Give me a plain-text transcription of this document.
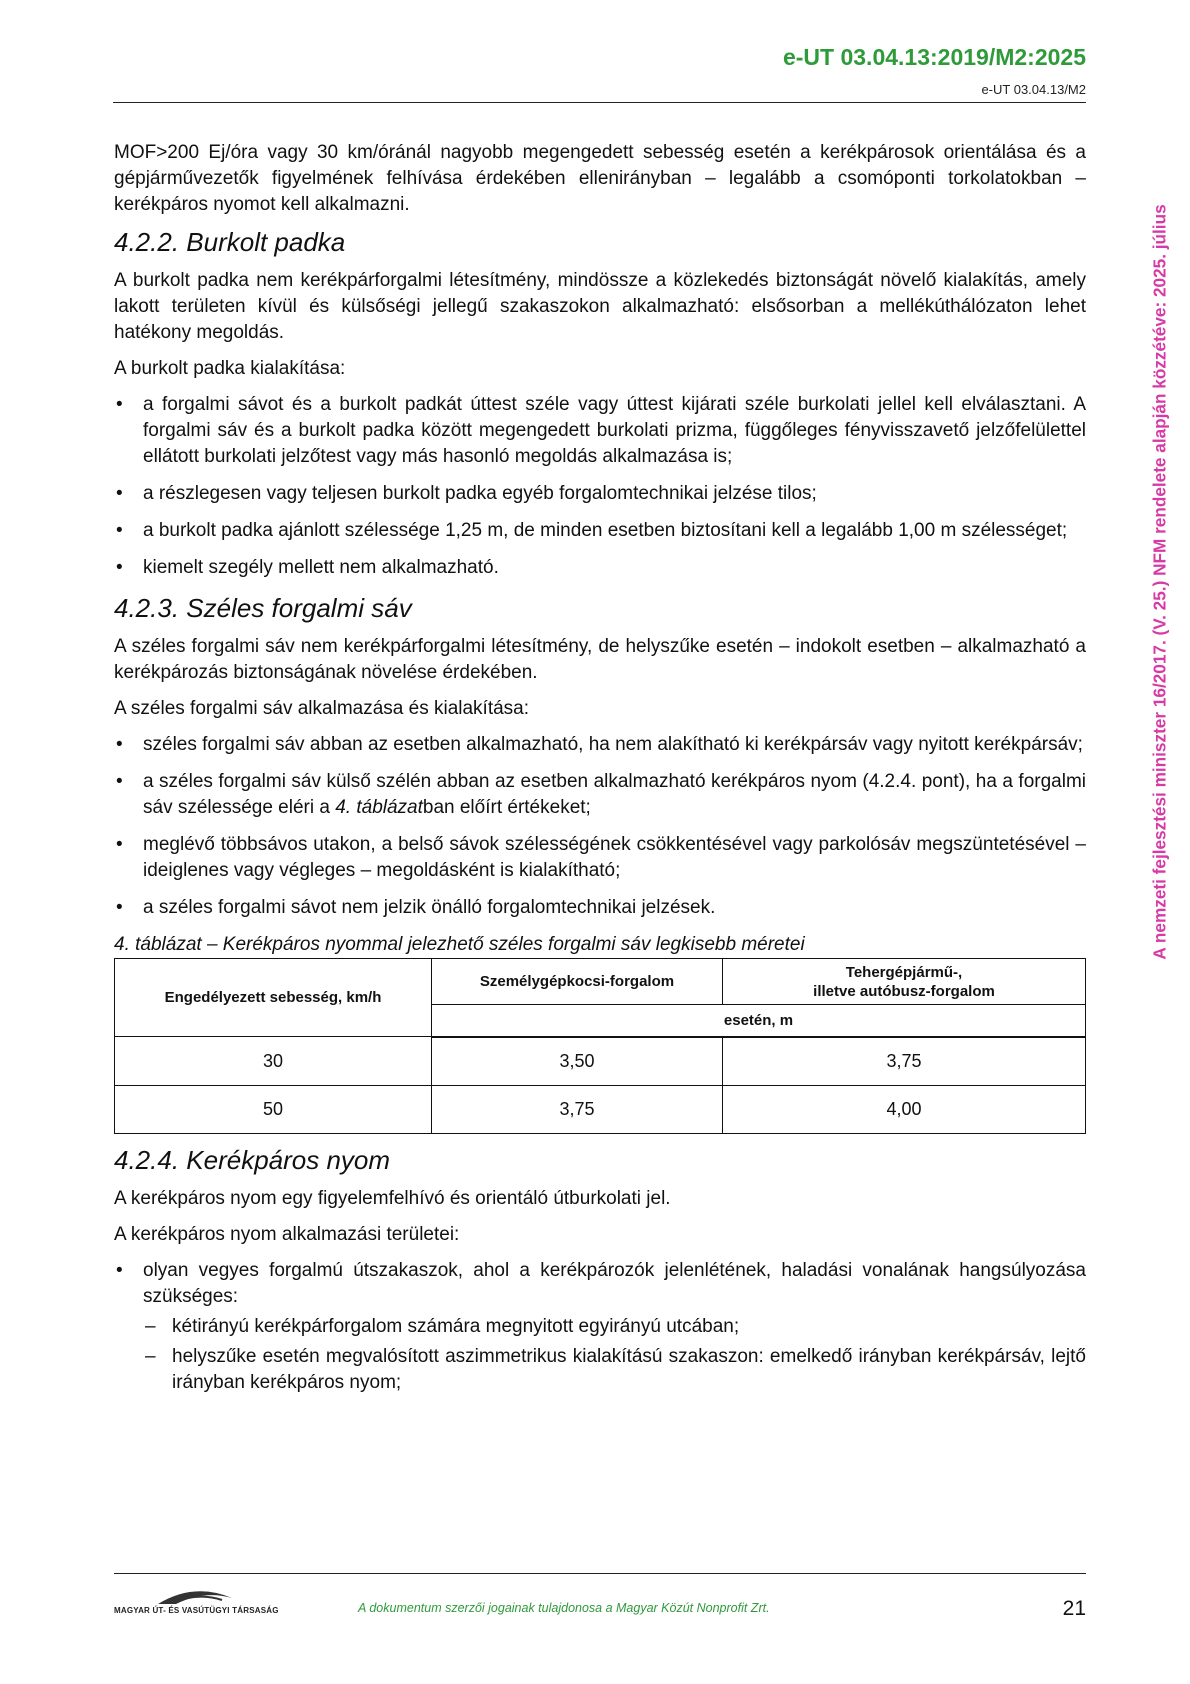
e-UT 03.04.13:2019/M2:2025
e-UT 03.04.13/M2
A nemzeti fejlesztési miniszter 16/2017. (V. 25.) NFM rendelete alapján közzétéve: 2025. július

MOF>200 Ej/óra vagy 30 km/óránál nagyobb megengedett sebesség esetén a kerékpárosok orientálása és a gépjárművezetők figyelmének felhívása érdekében ellenirányban – legalább a csomóponti torkolatokban – kerékpáros nyomot kell alkalmazni.

4.2.2. Burkolt padka

A burkolt padka nem kerékpárforgalmi létesítmény, mindössze a közlekedés biztonságát növelő kialakítás, amely lakott területen kívül és külsőségi jellegű szakaszokon alkalmazható: elsősorban a mellékúthálózaton lehet hatékony megoldás.

A burkolt padka kialakítása:

• a forgalmi sávot és a burkolt padkát úttest széle vagy úttest kijárati széle burkolati jellel kell elválasztani. A forgalmi sáv és a burkolt padka között megengedett burkolati prizma, függőleges fényvisszavető jelzőfelülettel ellátott burkolati jelzőtest vagy más hasonló megoldás alkalmazása is;
• a részlegesen vagy teljesen burkolt padka egyéb forgalomtechnikai jelzése tilos;
• a burkolt padka ajánlott szélessége 1,25 m, de minden esetben biztosítani kell a legalább 1,00 m szélességet;
• kiemelt szegély mellett nem alkalmazható.
4.2.3. Széles forgalmi sáv

A széles forgalmi sáv nem kerékpárforgalmi létesítmény, de helyszűke esetén – indokolt esetben – alkalmazható a kerékpározás biztonságának növelése érdekében.

A széles forgalmi sáv alkalmazása és kialakítása:

• széles forgalmi sáv abban az esetben alkalmazható, ha nem alakítható ki kerékpársáv vagy nyitott kerékpársáv;
• a széles forgalmi sáv külső szélén abban az esetben alkalmazható kerékpáros nyom (4.2.4. pont), ha a forgalmi sáv szélessége eléri a 4. táblázatban előírt értékeket;
• meglévő többsávos utakon, a belső sávok szélességének csökkentésével vagy parkolósáv megszüntetésével – ideiglenes vagy végleges – megoldásként is kialakítható;
• a széles forgalmi sávot nem jelzik önálló forgalomtechnikai jelzések.

4. táblázat – Kerékpáros nyommal jelezhető széles forgalmi sáv legkisebb méretei

Engedélyezett sebesség, km/h	Személygépkocsi-forgalom	Tehergépjármű-,
illetve autóbusz-forgalom
	esetén, m	
30	3,50	3,75
50	3,75	4,00
4.2.4. Kerékpáros nyom

A kerékpáros nyom egy figyelemfelhívó és orientáló útburkolati jel.

A kerékpáros nyom alkalmazási területei:

• olyan vegyes forgalmú útszakaszok, ahol a kerékpározók jelenlétének, haladási vonalának hangsúlyozása szükséges:
– kétirányú kerékpárforgalom számára megnyitott egyirányú utcában;
– helyszűke esetén megvalósított aszimmetrikus kialakítású szakaszon: emelkedő irányban kerékpársáv, lejtő irányban kerékpáros nyom;
MAGYAR ÚT- ÉS VASÚTÜGYI TÁRSASÁG	A dokumentum szerzői jogainak tulajdonosa a Magyar Közút Nonprofit Zrt.	21
